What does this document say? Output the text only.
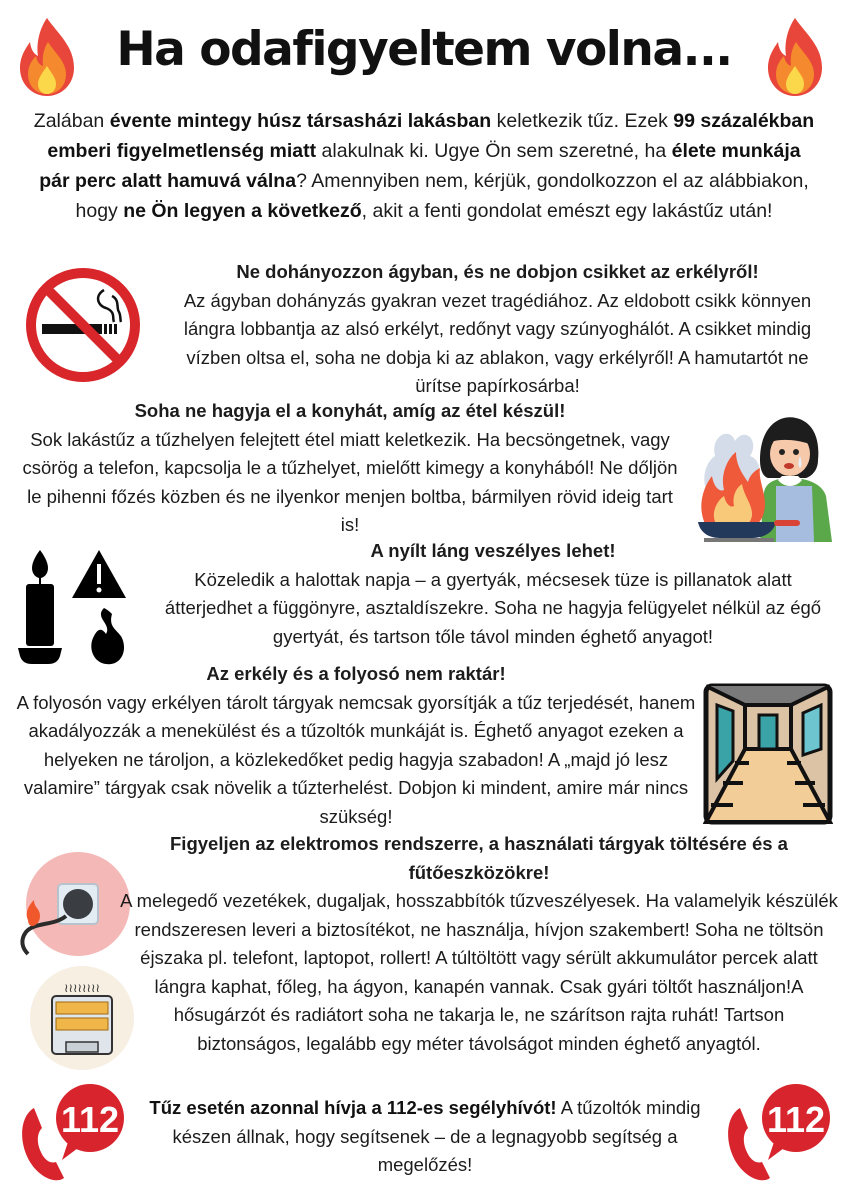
Ha odafigyeltem volna...

Zalában évente mintegy húsz társasházi lakásban keletkezik tűz. Ezek 99 százalékban emberi figyelmetlenség miatt alakulnak ki. Ugye Ön sem szeretné, ha élete munkája pár perc alatt hamuvá válna? Amennyiben nem, kérjük, gondolkozzon el az alábbiakon, hogy ne Ön legyen a következő, akit a fenti gondolat emészt egy lakástűz után!

Ne dohányozzon ágyban, és ne dobjon csikket az erkélyről!
Az ágyban dohányzás gyakran vezet tragédiához. Az eldobott csikk könnyen lángra lobbantja az alsó erkélyt, redőnyt vagy szúnyoghálót. A csikket mindig vízben oltsa el, soha ne dobja ki az ablakon, vagy erkélyről! A hamutartót ne ürítse papírkosárba!
Soha ne hagyja el a konyhát, amíg az étel készül!
Sok lakástűz a tűzhelyen felejtett étel miatt keletkezik. Ha becsöngetnek, vagy csörög a telefon, kapcsolja le a tűzhelyet, mielőtt kimegy a konyhából! Ne dőljön le pihenni főzés közben és ne ilyenkor menjen boltba, bármilyen rövid ideig tart is!
A nyílt láng veszélyes lehet!
Közeledik a halottak napja – a gyertyák, mécsesek tüze is pillanatok alatt átterjedhet a függönyre, asztaldíszekre. Soha ne hagyja felügyelet nélkül az égő gyertyát, és tartson tőle távol minden éghető anyagot!
Az erkély és a folyosó nem raktár!
A folyosón vagy erkélyen tárolt tárgyak nemcsak gyorsítják a tűz terjedését, hanem akadályozzák a menekülést és a tűzoltók munkáját is. Éghető anyagot ezeken a helyeken ne tároljon, a közlekedőket pedig hagyja szabadon! A „majd jó lesz valamire” tárgyak csak növelik a tűzterhelést. Dobjon ki mindent, amire már nincs szükség!
≀≀≀≀≀≀≀≀
Figyeljen az elektromos rendszerre, a használati tárgyak töltésére és a fűtőeszközökre!
A melegedő vezetékek, dugaljak, hosszabbítók tűzveszélyesek. Ha valamelyik készülék rendszeresen leveri a biztosítékot, ne használja, hívjon szakembert! Soha ne töltsön éjszaka pl. telefont, laptopot, rollert! A túltöltött vagy sérült akkumulátor percek alatt lángra kaphat, főleg, ha ágyon, kanapén vannak. Csak gyári töltőt használjon!A hősugárzót és radiátort soha ne takarja le, ne szárítson rajta ruhát! Tartson biztonságos, legalább egy méter távolságot minden éghető anyagtól.
112	Tűz esetén azonnal hívja a 112-es segélyhívót! A tűzoltók mindig készen állnak, hogy segítsenek – de a legnagyobb segítség a megelőzés!

112
